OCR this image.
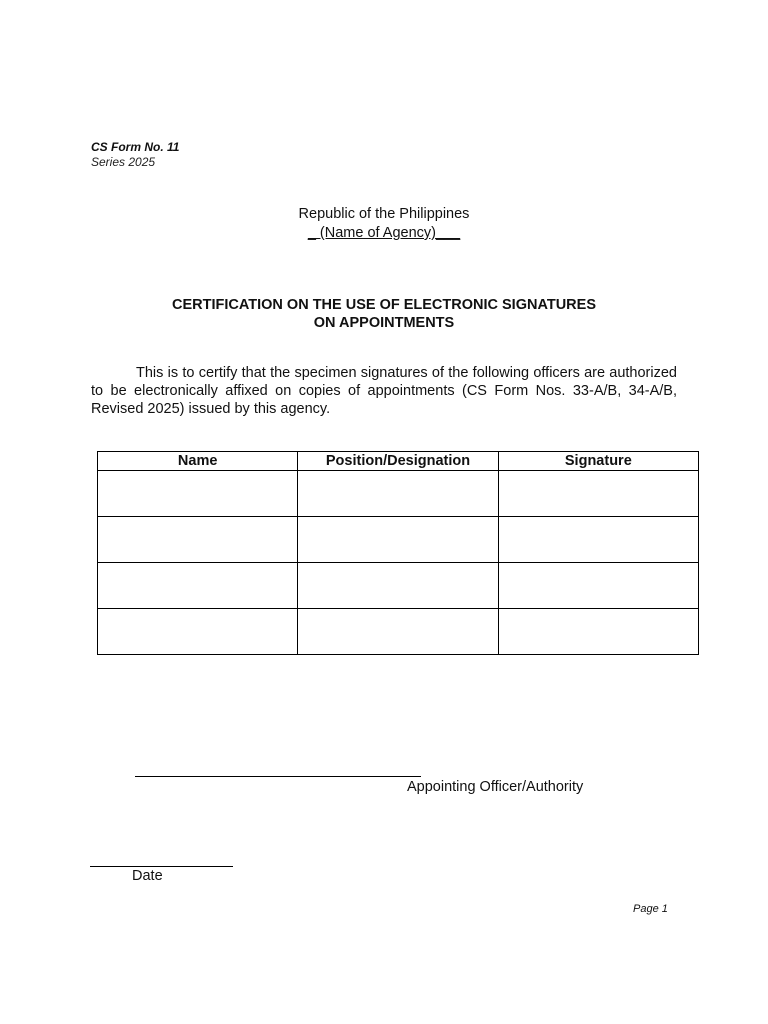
CS Form No. 11
Series 2025
Republic of the Philippines
_ (Name of Agency)___
CERTIFICATION ON THE USE OF ELECTRONIC SIGNATURES
ON APPOINTMENTS
This is to certify that the specimen signatures of the following officers are authorized to be electronically affixed on copies of appointments (CS Form Nos. 33-A/B, 34-A/B, Revised 2025) issued by this agency.
Name	Position/Designation	Signature

Appointing Officer/Authority
Date
Page 1
